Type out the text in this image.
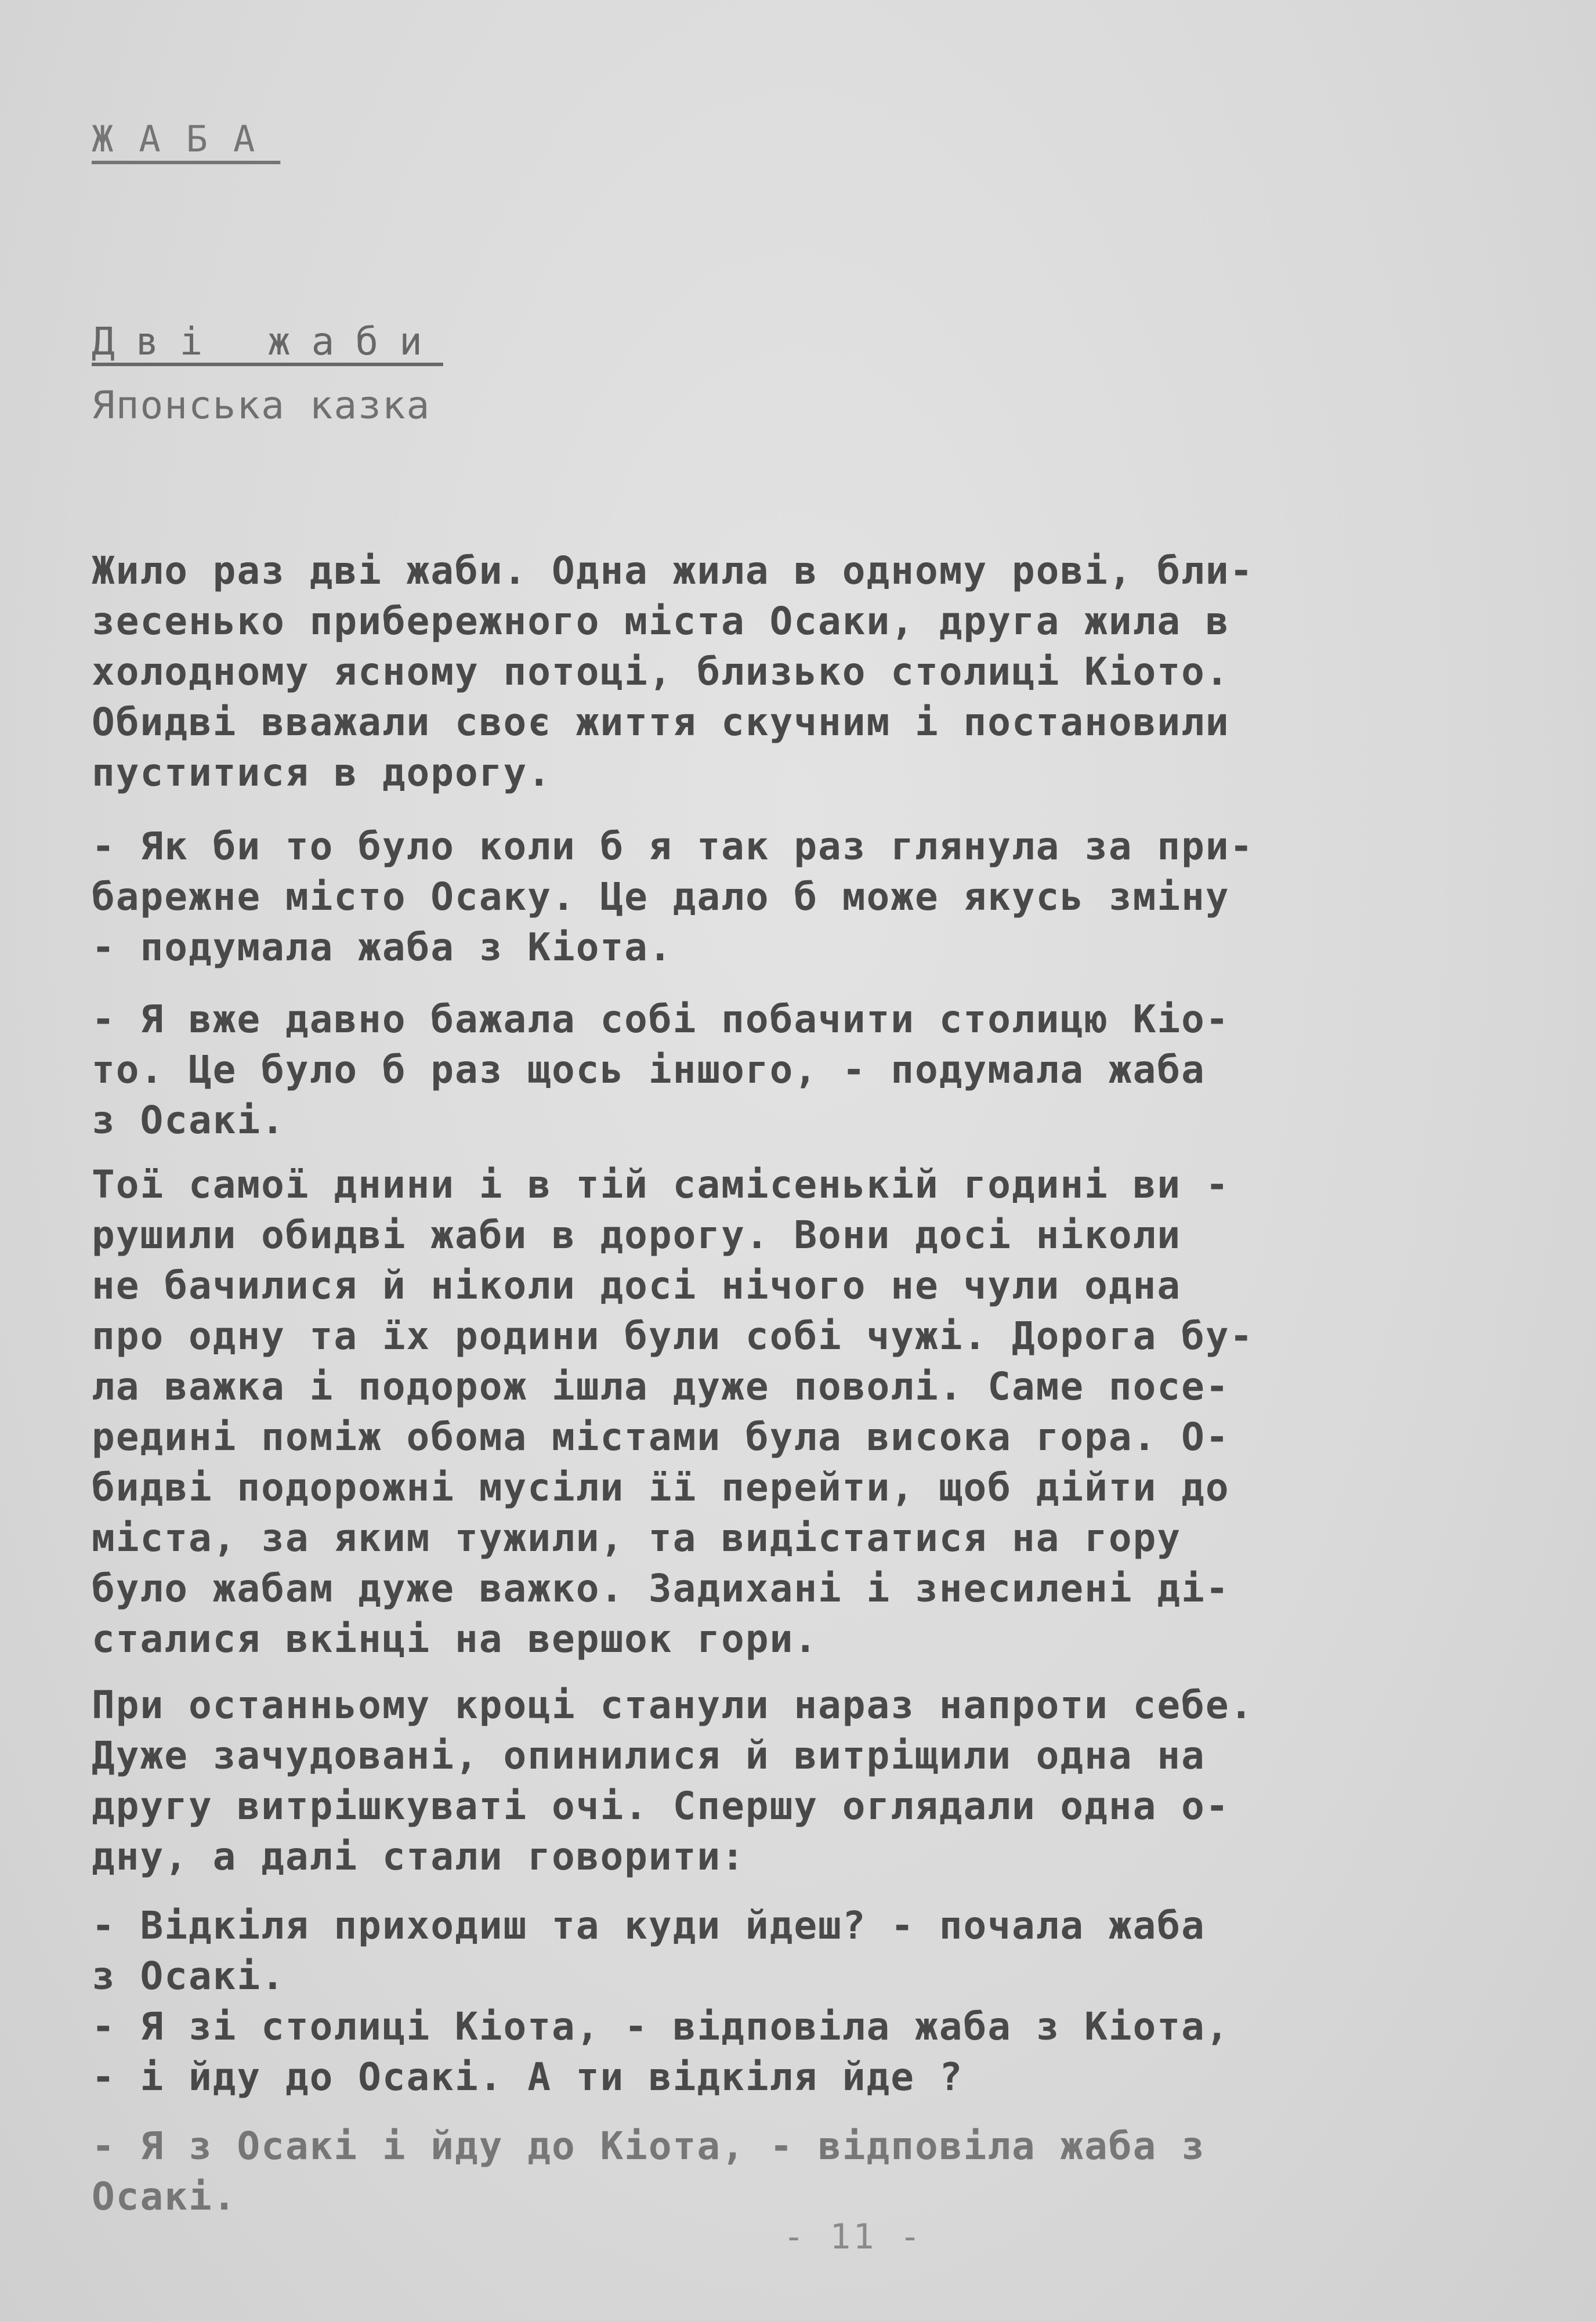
ЖАБА
Дві жаби
Японська казка
Жило раз дві жаби. Одна жила в одному рові, бли-
зесенько прибережного міста Осаки, друга жила в
холодному ясному потоці, близько столиці Кіото.
Обидві вважали своє життя скучним і постановили
пуститися в дорогу.
- Як би то було коли б я так раз глянула за при-
барежне місто Осаку. Це дало б може якусь зміну
- подумала жаба з Кіота.
- Я вже давно бажала собі побачити столицю Кіо-
то. Це було б раз щось іншого, - подумала жаба
з Осакі.
Тої самої днини і в тій самісенькій годині ви -
рушили обидві жаби в дорогу. Вони досі ніколи
не бачилися й ніколи досі нічого не чули одна
про одну та їх родини були собі чужі. Дорога бу-
ла важка і подорож ішла дуже поволі. Саме посе-
редині поміж обома містами була висока гора. О-
бидві подорожні мусіли її перейти, щоб дійти до
міста, за яким тужили, та видістатися на гору
було жабам дуже важко. Задихані і знесилені ді-
сталися вкінці на вершок гори.
При останньому кроці станули нараз напроти себе.
Дуже зачудовані, опинилися й витріщили одна на
другу витрішкуваті очі. Спершу оглядали одна о-
дну, а далі стали говорити:
- Відкіля приходиш та куди йдеш? - почала жаба
з Осакі.
- Я зі столиці Кіота, - відповіла жаба з Кіота,
- і йду до Осакі. А ти відкіля йде ?
- Я з Осакі і йду до Кіота, - відповіла жаба з
Осакі.
- 11 -
